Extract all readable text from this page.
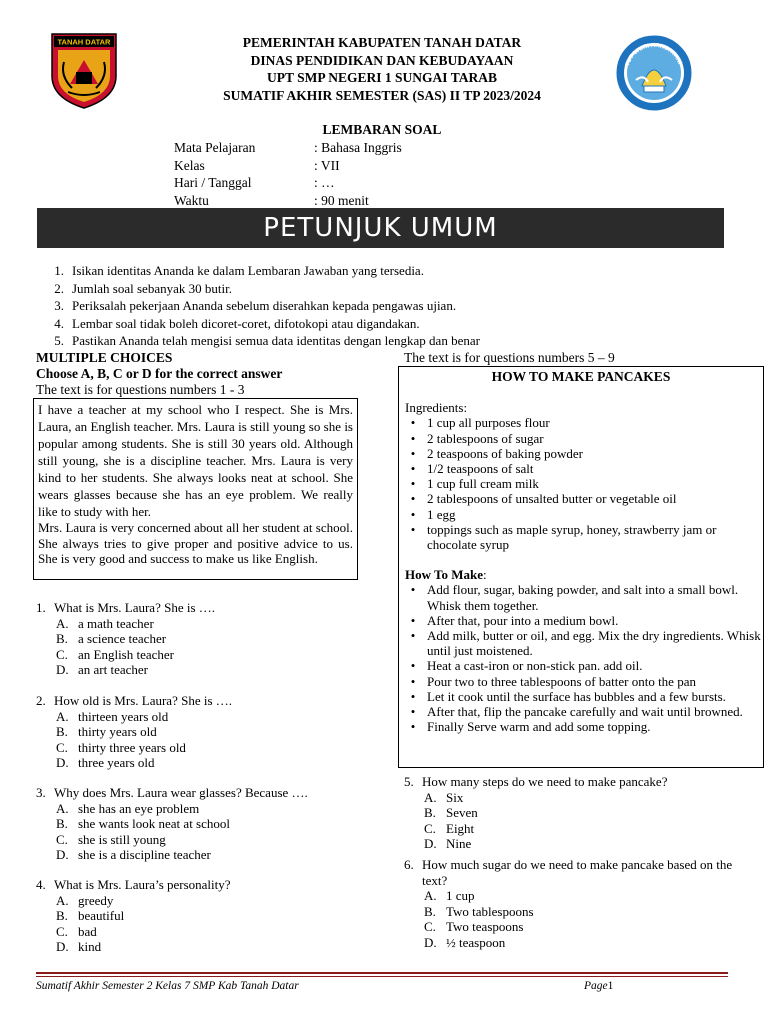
TANAH DATAR
TUT WURI HANDAYANI
PEMERINTAH KABUPATEN TANAH DATAR
DINAS PENDIDIKAN DAN KEBUDAYAAN
UPT SMP NEGERI 1 SUNGAI TARAB
SUMATIF AKHIR SEMESTER (SAS) II TP 2023/2024
LEMBARAN SOAL
Mata Pelajaran	: Bahasa Inggris
Kelas	: VII
Hari / Tanggal	: …
Waktu	: 90 menit
PETUNJUK UMUM
1. Isikan identitas Ananda ke dalam Lembaran Jawaban yang tersedia.
2. Jumlah soal sebanyak 30 butir.
3. Periksalah pekerjaan Ananda sebelum diserahkan kepada pengawas ujian.
4. Lembar soal tidak boleh dicoret-coret, difotokopi atau digandakan.
5. Pastikan Ananda telah mengisi semua data identitas dengan lengkap dan benar
MULTIPLE CHOICES
Choose A, B, C or D for the correct answer
The text is for questions numbers 1 - 3

I have a teacher at my school who I respect. She is Mrs. Laura, an English teacher. Mrs. Laura is still young so she is popular among students. She is still 30 years old. Although still young, she is a discipline teacher. Mrs. Laura is very kind to her students. She always looks neat at school. She wears glasses because she has an eye problem. We really like to study with her.

Mrs. Laura is very concerned about all her student at school. She always tries to give proper and positive advice to us. She is very good and success to make us like English.

1. What is Mrs. Laura? She is ….
A. a math teacher
B. a science teacher
C. an English teacher
D. an art teacher
2. How old is Mrs. Laura? She is ….
A. thirteen years old
B. thirty years old
C. thirty three years old
D. three years old
3. Why does Mrs. Laura wear glasses? Because ….
A. she has an eye problem
B. she wants look neat at school
C. she is still young
D. she is a discipline teacher
4. What is Mrs. Laura’s personality?
A. greedy
B. beautiful
C. bad
D. kind
The text is for questions numbers 5 – 9
HOW TO MAKE PANCAKES
Ingredients:
• 1 cup all purposes flour
• 2 tablespoons of sugar
• 2 teaspoons of baking powder
• 1/2 teaspoons of salt
• 1 cup full cream milk
• 2 tablespoons of unsalted butter or vegetable oil
• 1 egg
• toppings such as maple syrup, honey, strawberry jam or chocolate syrup
How To Make:
• Add flour, sugar, baking powder, and salt into a small bowl. Whisk them together.
• After that, pour into a medium bowl.
• Add milk, butter or oil, and egg. Mix the dry ingredients. Whisk until just moistened.
• Heat a cast-iron or non-stick pan. add oil.
• Pour two to three tablespoons of batter onto the pan
• Let it cook until the surface has bubbles and a few bursts.
• After that, flip the pancake carefully and wait until browned.
• Finally Serve warm and add some topping.
5. How many steps do we need to make pancake?
A. Six
B. Seven
C. Eight
D. Nine
6. How much sugar do we need to make pancake based on the text?
A. 1 cup
B. Two tablespoons
C. Two teaspoons
D. ½ teaspoon
Sumatif Akhir Semester 2 Kelas 7 SMP Kab Tanah Datar	Page1
